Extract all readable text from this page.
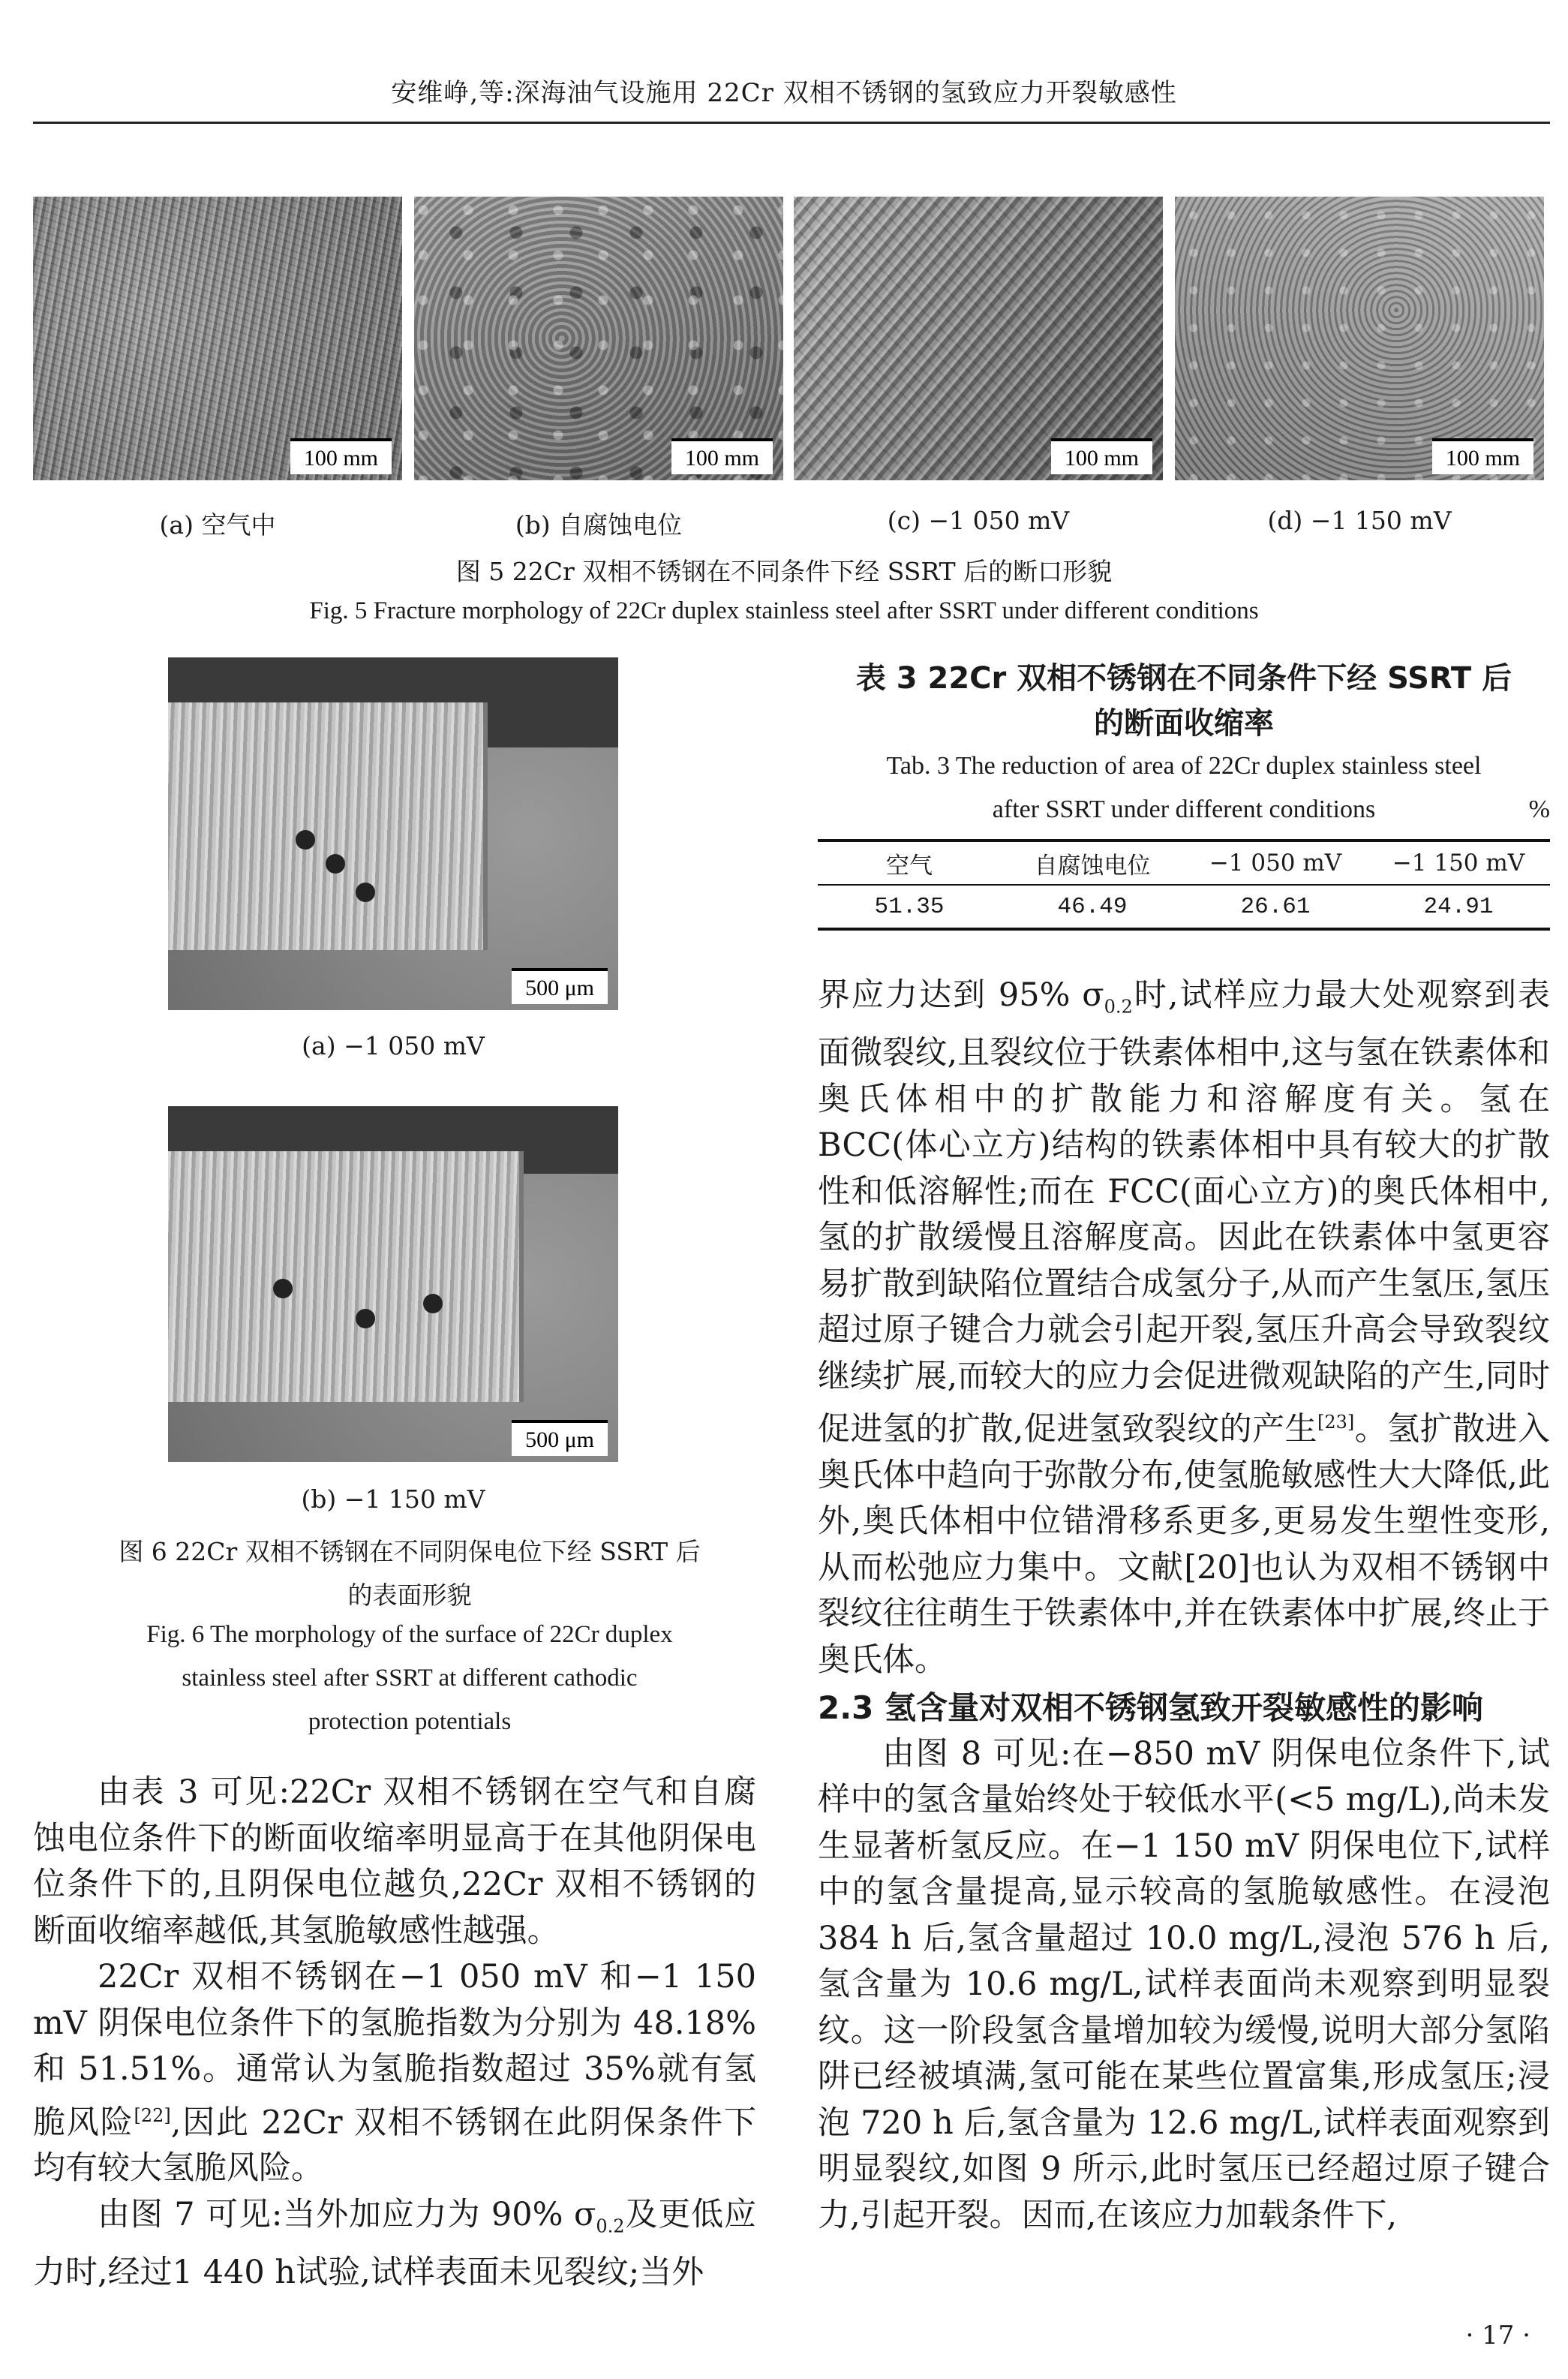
安维峥,等:深海油气设施用 22Cr 双相不锈钢的氢致应力开裂敏感性
100 mm	100 mm	100 mm	100 mm
(a) 空气中	(b) 自腐蚀电位	(c) −1 050 mV	(d) −1 150 mV
图 5 22Cr 双相不锈钢在不同条件下经 SSRT 后的断口形貌
Fig. 5 Fracture morphology of 22Cr duplex stainless steel after SSRT under different conditions
500 μm
(a) −1 050 mV
500 μm
(b) −1 150 mV
图 6 22Cr 双相不锈钢在不同阴保电位下经 SSRT 后
的表面形貌
Fig. 6 The morphology of the surface of 22Cr duplex
stainless steel after SSRT at different cathodic
protection potentials

由表 3 可见:22Cr 双相不锈钢在空气和自腐蚀电位条件下的断面收缩率明显高于在其他阴保电位条件下的,且阴保电位越负,22Cr 双相不锈钢的断面收缩率越低,其氢脆敏感性越强。

22Cr 双相不锈钢在−1 050 mV 和−1 150 mV 阴保电位条件下的氢脆指数为分别为 48.18%和 51.51%。通常认为氢脆指数超过 35%就有氢脆风险[22],因此 22Cr 双相不锈钢在此阴保条件下均有较大氢脆风险。

由图 7 可见:当外加应力为 90% $\sigma_{0.2}$及更低应力时,经过1 440 h试验,试样表面未见裂纹;当外

表 3 22Cr 双相不锈钢在不同条件下经 SSRT 后
的断面收缩率
Tab. 3 The reduction of area of 22Cr duplex stainless steel
after SSRT under different conditions	%
空气	自腐蚀电位	−1 050 mV	−1 150 mV
51.35	46.49	26.61	24.91

界应力达到 95% $\sigma_{0.2}$时,试样应力最大处观察到表面微裂纹,且裂纹位于铁素体相中,这与氢在铁素体和奥氏体相中的扩散能力和溶解度有关。氢在 BCC(体心立方)结构的铁素体相中具有较大的扩散性和低溶解性;而在 FCC(面心立方)的奥氏体相中,氢的扩散缓慢且溶解度高。因此在铁素体中氢更容易扩散到缺陷位置结合成氢分子,从而产生氢压,氢压超过原子键合力就会引起开裂,氢压升高会导致裂纹继续扩展,而较大的应力会促进微观缺陷的产生,同时促进氢的扩散,促进氢致裂纹的产生[23]。氢扩散进入奥氏体中趋向于弥散分布,使氢脆敏感性大大降低,此外,奥氏体相中位错滑移系更多,更易发生塑性变形,从而松弛应力集中。文献[20]也认为双相不锈钢中裂纹往往萌生于铁素体中,并在铁素体中扩展,终止于奥氏体。

2.3 氢含量对双相不锈钢氢致开裂敏感性的影响

由图 8 可见:在−850 mV 阴保电位条件下,试样中的氢含量始终处于较低水平(<5 mg/L),尚未发生显著析氢反应。在−1 150 mV 阴保电位下,试样中的氢含量提高,显示较高的氢脆敏感性。在浸泡 384 h 后,氢含量超过 10.0 mg/L,浸泡 576 h 后,氢含量为 10.6 mg/L,试样表面尚未观察到明显裂纹。这一阶段氢含量增加较为缓慢,说明大部分氢陷阱已经被填满,氢可能在某些位置富集,形成氢压;浸泡 720 h 后,氢含量为 12.6 mg/L,试样表面观察到明显裂纹,如图 9 所示,此时氢压已经超过原子键合力,引起开裂。因而,在该应力加载条件下,

· 17 ·
